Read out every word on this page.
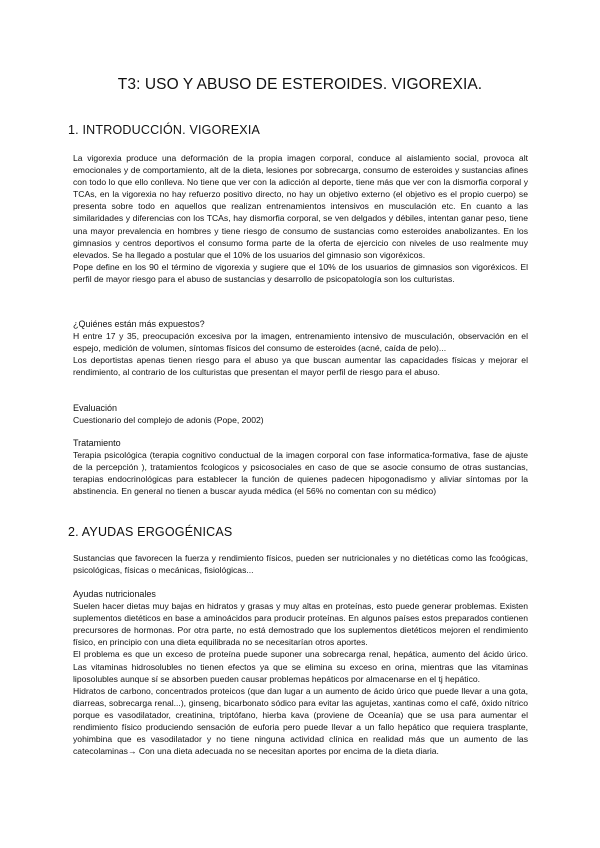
T3: USO Y ABUSO DE ESTEROIDES. VIGOREXIA.
1. INTRODUCCIÓN. VIGOREXIA

La vigorexia produce una deformación de la propia imagen corporal, conduce al aislamiento social, provoca alt emocionales y de comportamiento, alt de la dieta, lesiones por sobrecarga, consumo de esteroides y sustancias afines con todo lo que ello conlleva. No tiene que ver con la adicción al deporte, tiene más que ver con la dismorfia corporal y TCAs, en la vigorexia no hay refuerzo positivo directo, no hay un objetivo externo (el objetivo es el propio cuerpo) se presenta sobre todo en aquellos que realizan entrenamientos intensivos en musculación etc. En cuanto a las similaridades y diferencias con los TCAs, hay dismorfia corporal, se ven delgados y débiles, intentan ganar peso, tiene una mayor prevalencia en hombres y tiene riesgo de consumo de sustancias como esteroides anabolizantes. En los gimnasios y centros deportivos el consumo forma parte de la oferta de ejercicio con niveles de uso realmente muy elevados. Se ha llegado a postular que el 10% de los usuarios del gimnasio son vigoréxicos.

Pope define en los 90 el término de vigorexia y sugiere que el 10% de los usuarios de gimnasios son vigoréxicos. El perfil de mayor riesgo para el abuso de sustancias y desarrollo de psicopatología son los culturistas.

¿Quiénes están más expuestos?

H entre 17 y 35, preocupación excesiva por la imagen, entrenamiento intensivo de musculación, observación en el espejo, medición de volumen, síntomas físicos del consumo de esteroides (acné, caída de pelo)...

Los deportistas apenas tienen riesgo para el abuso ya que buscan aumentar las capacidades físicas y mejorar el rendimiento, al contrario de los culturistas que presentan el mayor perfil de riesgo para el abuso.

Evaluación

Cuestionario del complejo de adonis (Pope, 2002)

Tratamiento

Terapia psicológica (terapia cognitivo conductual de la imagen corporal con fase informatica-formativa, fase de ajuste de la percepción ), tratamientos fcologicos y psicosociales en caso de que se asocie consumo de otras sustancias, terapias endocrinológicas para establecer la función de quienes padecen hipogonadismo y aliviar síntomas por la abstinencia. En general no tienen a buscar ayuda médica (el 56% no comentan con su médico)

2. AYUDAS ERGOGÉNICAS

Sustancias que favorecen la fuerza y rendimiento físicos, pueden ser nutricionales y no dietéticas como las fcoógicas, psicológicas, físicas o mecánicas, fisiológicas...

Ayudas nutricionales

Suelen hacer dietas muy bajas en hidratos y grasas y muy altas en proteínas, esto puede generar problemas. Existen suplementos dietéticos en base a aminoácidos para producir proteínas. En algunos países estos preparados contienen precursores de hormonas. Por otra parte, no está demostrado que los suplementos dietéticos mejoren el rendimiento físico, en principio con una dieta equilibrada no se necesitarían otros aportes.

El problema es que un exceso de proteína puede suponer una sobrecarga renal, hepática, aumento del ácido úrico. Las vitaminas hidrosolubles no tienen efectos ya que se elimina su exceso en orina, mientras que las vitaminas liposolubles aunque sí se absorben pueden causar problemas hepáticos por almacenarse en el tj hepático.

Hidratos de carbono, concentrados proteicos (que dan lugar a un aumento de ácido úrico que puede llevar a una gota, diarreas, sobrecarga renal...), ginseng, bicarbonato sódico para evitar las agujetas, xantinas como el café, óxido nítrico porque es vasodilatador, creatinina, triptófano, hierba kava (proviene de Oceanía) que se usa para aumentar el rendimiento físico produciendo sensación de euforia pero puede llevar a un fallo hepático que requiera trasplante, yohimbina que es vasodilatador y no tiene ninguna actividad clínica en realidad más que un aumento de las catecolaminas→ Con una dieta adecuada no se necesitan aportes por encima de la dieta diaria.
